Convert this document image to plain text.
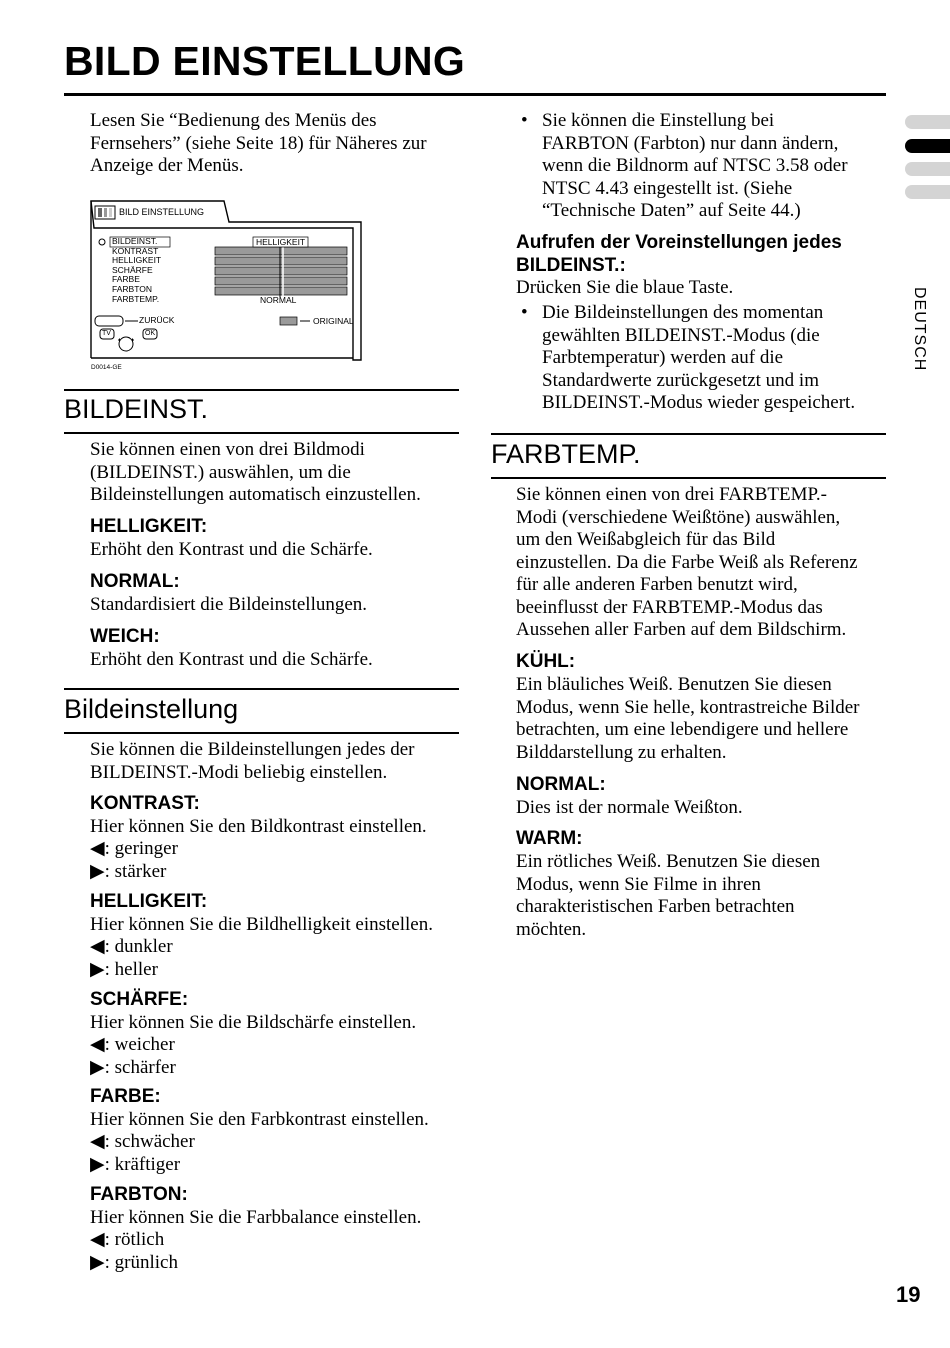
BILD EINSTELLUNG
DEUTSCH
Lesen Sie “Bedienung des Menüs des
Fernsehers” (siehe Seite 18) für Näheres zur
Anzeige der Menüs.
BILD EINSTELLUNG
BILDEINST.
KONTRAST
HELLIGKEIT
SCHÄRFE
FARBE
FARBTON
FARBTEMP.
HELLIGKEIT
NORMAL
ZURÜCK	ORIGINAL
TV	OK
D0014-GE
BILDEINST.
Sie können einen von drei Bildmodi
(BILDEINST.) auswählen, um die
Bildeinstellungen automatisch einzustellen.
HELLIGKEIT:
Erhöht den Kontrast und die Schärfe.
NORMAL:
Standardisiert die Bildeinstellungen.
WEICH:
Erhöht den Kontrast und die Schärfe.
Bildeinstellung
Sie können die Bildeinstellungen jedes der
BILDEINST.-Modi beliebig einstellen.
KONTRAST:
Hier können Sie den Bildkontrast einstellen.
◀: geringer
▶: stärker
HELLIGKEIT:
Hier können Sie die Bildhelligkeit einstellen.
◀: dunkler
▶: heller
SCHÄRFE:
Hier können Sie die Bildschärfe einstellen.
◀: weicher
▶: schärfer
FARBE:
Hier können Sie den Farbkontrast einstellen.
◀: schwächer
▶: kräftiger
FARBTON:
Hier können Sie die Farbbalance einstellen.
◀: rötlich
▶: grünlich
• Sie können die Einstellung bei
FARBTON (Farbton) nur dann ändern,
wenn die Bildnorm auf NTSC 3.58 oder
NTSC 4.43 eingestellt ist. (Siehe
“Technische Daten” auf Seite 44.)
Aufrufen der Voreinstellungen jedes
BILDEINST.:
Drücken Sie die blaue Taste.
• Die Bildeinstellungen des momentan
gewählten BILDEINST.-Modus (die
Farbtemperatur) werden auf die
Standardwerte zurückgesetzt und im
BILDEINST.-Modus wieder gespeichert.
FARBTEMP.
Sie können einen von drei FARBTEMP.-
Modi (verschiedene Weißtöne) auswählen,
um den Weißabgleich für das Bild
einzustellen. Da die Farbe Weiß als Referenz
für alle anderen Farben benutzt wird,
beeinflusst der FARBTEMP.-Modus das
Aussehen aller Farben auf dem Bildschirm.
KÜHL:
Ein bläuliches Weiß. Benutzen Sie diesen
Modus, wenn Sie helle, kontrastreiche Bilder
betrachten, um eine lebendigere und hellere
Bilddarstellung zu erhalten.
NORMAL:
Dies ist der normale Weißton.
WARM:
Ein rötliches Weiß. Benutzen Sie diesen
Modus, wenn Sie Filme in ihren
charakteristischen Farben betrachten
möchten.
19
